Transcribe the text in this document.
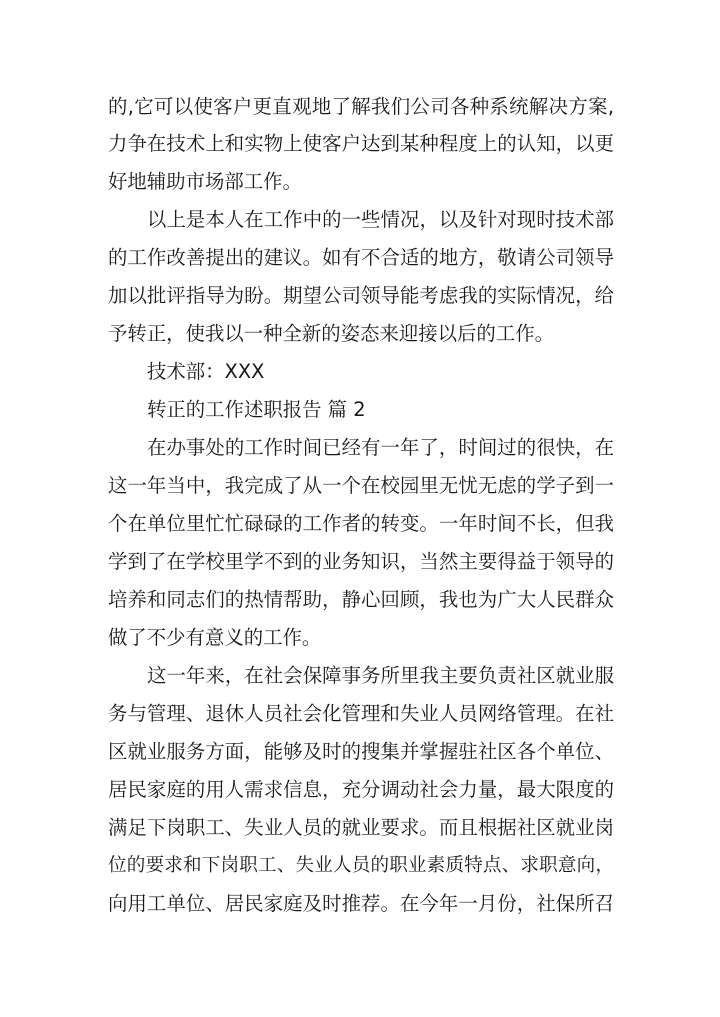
的,它可以使客户更直观地了解我们公司各种系统解决方案,
力争在技术上和实物上使客户达到某种程度上的认知，以更
好地辅助市场部工作。
以上是本人在工作中的一些情况，以及针对现时技术部
的工作改善提出的建议。如有不合适的地方，敬请公司领导
加以批评指导为盼。期望公司领导能考虑我的实际情况，给
予转正，使我以一种全新的姿态来迎接以后的工作。
技术部：XXX
转正的工作述职报告 篇 2
在办事处的工作时间已经有一年了，时间过的很快，在
这一年当中，我完成了从一个在校园里无忧无虑的学子到一
个在单位里忙忙碌碌的工作者的转变。一年时间不长，但我
学到了在学校里学不到的业务知识，当然主要得益于领导的
培养和同志们的热情帮助，静心回顾，我也为广大人民群众
做了不少有意义的工作。
这一年来，在社会保障事务所里我主要负责社区就业服
务与管理、退休人员社会化管理和失业人员网络管理。在社
区就业服务方面，能够及时的搜集并掌握驻社区各个单位、
居民家庭的用人需求信息，充分调动社会力量，最大限度的
满足下岗职工、失业人员的就业要求。而且根据社区就业岗
位的要求和下岗职工、失业人员的职业素质特点、求职意向，
向用工单位、居民家庭及时推荐。在今年一月份，社保所召
